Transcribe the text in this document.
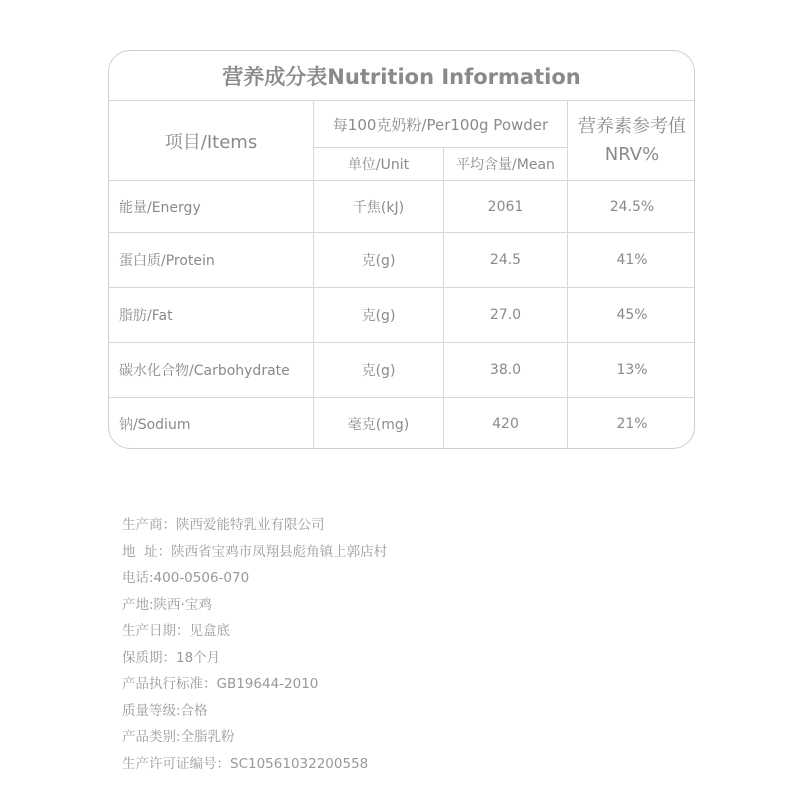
营养成分表Nutrition Information
项目/Items
每100克奶粉/Per100g Powder
单位/Unit	平均含量/Mean
营养素参考值
NRV%
能量/Energy	千焦(kJ)	2061	24.5%
蛋白质/Protein	克(g)	24.5	41%
脂肪/Fat	克(g)	27.0	45%
碳水化合物/Carbohydrate	克(g)	38.0	13%
钠/Sodium	毫克(mg)	420	21%
生产商：陕西爱能特乳业有限公司
地  址：陕西省宝鸡市凤翔县彪角镇上郭店村
电话:400-0506-070
产地:陕西·宝鸡
生产日期：见盒底
保质期：18个月
产品执行标准：GB19644-2010
质量等级:合格
产品类别:全脂乳粉
生产许可证编号：SC10561032200558
